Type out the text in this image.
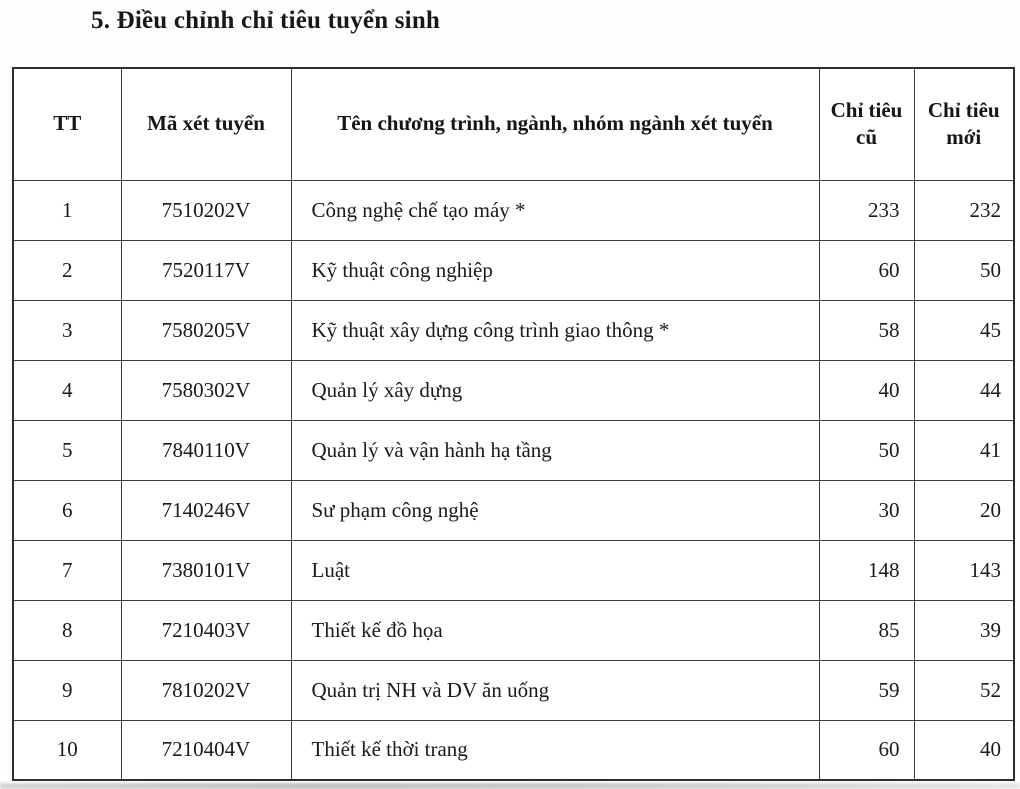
5. Điều chỉnh chỉ tiêu tuyển sinh
TT	Mã xét tuyển	Tên chương trình, ngành, nhóm ngành xét tuyển	Chỉ tiêu cũ	Chỉ tiêu mới
1	7510202V	Công nghệ chế tạo máy *	233	232
2	7520117V	Kỹ thuật công nghiệp	60	50
3	7580205V	Kỹ thuật xây dựng công trình giao thông *	58	45
4	7580302V	Quản lý xây dựng	40	44
5	7840110V	Quản lý và vận hành hạ tầng	50	41
6	7140246V	Sư phạm công nghệ	30	20
7	7380101V	Luật	148	143
8	7210403V	Thiết kế đồ họa	85	39
9	7810202V	Quản trị NH và DV ăn uống	59	52
10	7210404V	Thiết kế thời trang	60	40
